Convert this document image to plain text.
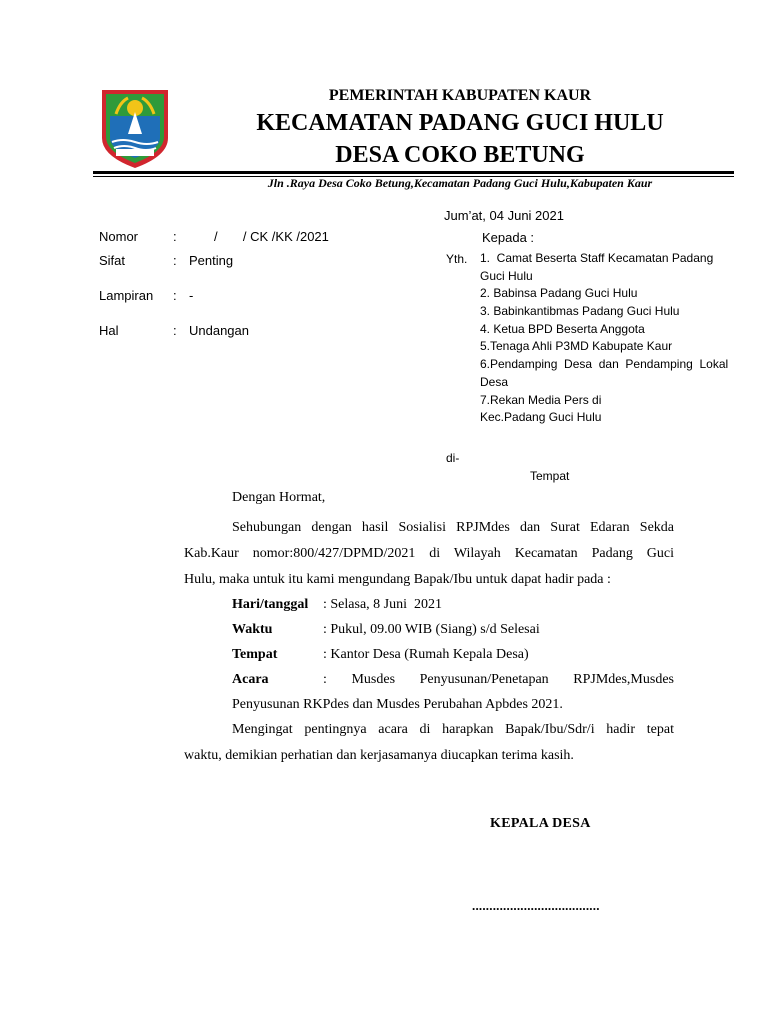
PEMERINTAH KABUPATEN KAUR
KECAMATAN PADANG GUCI HULU
DESA COKO BETUNG
Jln .Raya Desa Coko Betung,Kecamatan Padang Guci Hulu,Kabupaten Kaur
Jum’at, 04 Juni 2021
Nomor	:	/       / CK /KK /2021
Sifat	: Penting
Lampiran : -
Hal	: Undangan
Kepada :
Yth. 1.  Camat Beserta Staff Kecamatan Padang
Guci Hulu
2. Babinsa Padang Guci Hulu
3. Babinkantibmas Padang Guci Hulu
4. Ketua BPD Beserta Anggota
5.Tenaga Ahli P3MD Kabupate Kaur
6.Pendamping  Desa  dan  Pendamping  Lokal
Desa
7.Rekan Media Pers di
Kec.Padang Guci Hulu
di-
Tempat
Dengan Hormat,
Sehubungan dengan hasil Sosialisi RPJMdes dan Surat Edaran Sekda
Kab.Kaur nomor:800/427/DPMD/2021 di Wilayah Kecamatan Padang Guci
Hulu, maka untuk itu kami mengundang Bapak/Ibu untuk dapat hadir pada :
Hari/tanggal : Selasa, 8 Juni  2021
Waktu	: Pukul, 09.00 WIB (Siang) s/d Selesai
Tempat	: Kantor Desa (Rumah Kepala Desa)
Acara	:     Musdes     Penyusunan/Penetapan     RPJMdes,Musdes
Penyusunan RKPdes dan Musdes Perubahan Apbdes 2021.
Mengingat pentingnya acara di harapkan Bapak/Ibu/Sdr/i hadir tepat
waktu, demikian perhatian dan kerjasamanya diucapkan terima kasih.
KEPALA DESA
.....................................
